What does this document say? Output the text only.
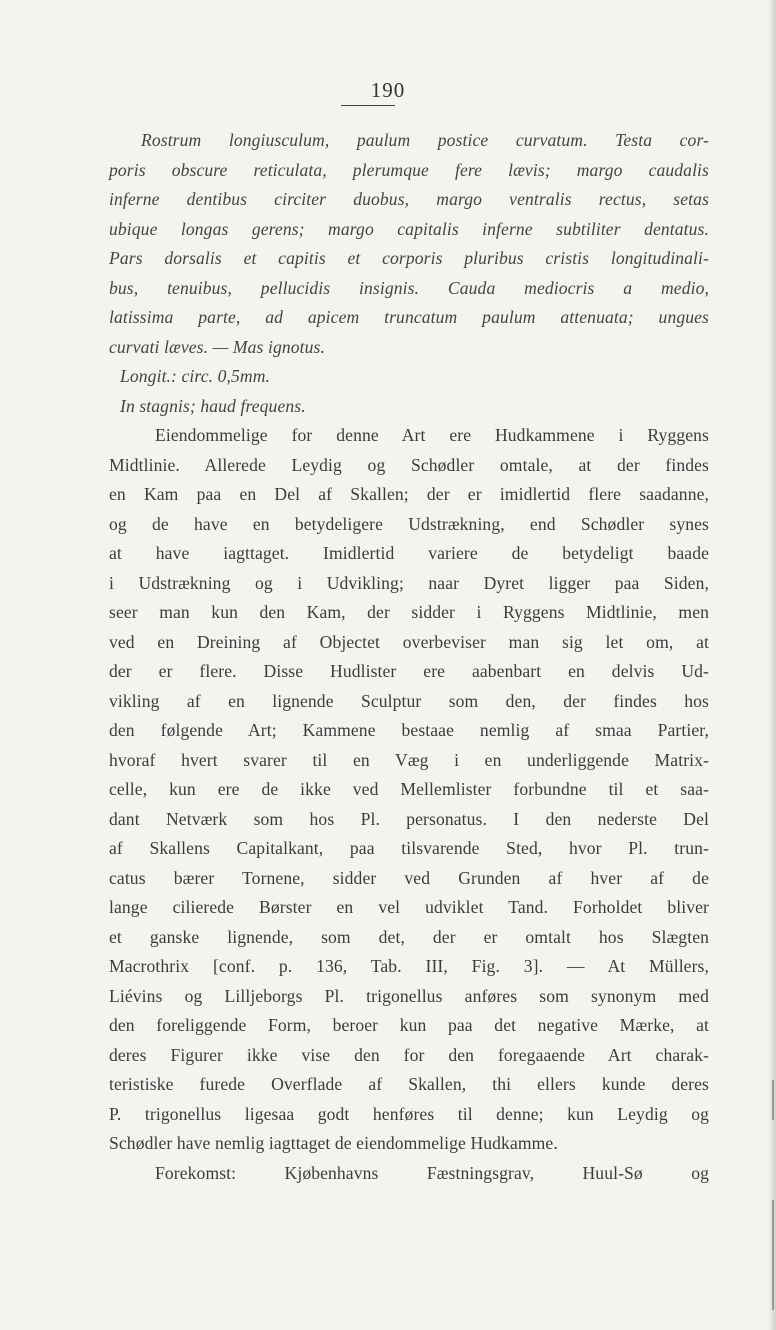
190
Rostrum longiusculum, paulum postice curvatum. Testa cor-
poris obscure reticulata, plerumque fere lævis; margo caudalis
inferne dentibus circiter duobus, margo ventralis rectus, setas
ubique longas gerens; margo capitalis inferne subtiliter dentatus.
Pars dorsalis et capitis et corporis pluribus cristis longitudinali-
bus, tenuibus, pellucidis insignis. Cauda mediocris a medio,
latissima parte, ad apicem truncatum paulum attenuata; ungues
curvati læves. — Mas ignotus.
Longit.: circ. 0,5mm.
In stagnis; haud frequens.
Eiendommelige for denne Art ere Hudkammene i Ryggens
Midtlinie. Allerede Leydig og Schødler omtale, at der findes
en Kam paa en Del af Skallen; der er imidlertid flere saadanne,
og de have en betydeligere Udstrækning, end Schødler synes
at have iagttaget. Imidlertid variere de betydeligt baade
i Udstrækning og i Udvikling; naar Dyret ligger paa Siden,
seer man kun den Kam, der sidder i Ryggens Midtlinie, men
ved en Dreining af Objectet overbeviser man sig let om, at
der er flere. Disse Hudlister ere aabenbart en delvis Ud-
vikling af en lignende Sculptur som den, der findes hos
den følgende Art; Kammene bestaae nemlig af smaa Partier,
hvoraf hvert svarer til en Væg i en underliggende Matrix-
celle, kun ere de ikke ved Mellemlister forbundne til et saa-
dant Netværk som hos Pl. personatus. I den nederste Del
af Skallens Capitalkant, paa tilsvarende Sted, hvor Pl. trun-
catus bærer Tornene, sidder ved Grunden af hver af de
lange cilierede Børster en vel udviklet Tand. Forholdet bliver
et ganske lignende, som det, der er omtalt hos Slægten
Macrothrix [conf. p. 136, Tab. III, Fig. 3]. — At Müllers,
Liévins og Lilljeborgs Pl. trigonellus anføres som synonym med
den foreliggende Form, beroer kun paa det negative Mærke, at
deres Figurer ikke vise den for den foregaaende Art charak-
teristiske furede Overflade af Skallen, thi ellers kunde deres
P. trigonellus ligesaa godt henføres til denne; kun Leydig og
Schødler have nemlig iagttaget de eiendommelige Hudkamme.
Forekomst: Kjøbenhavns Fæstningsgrav, Huul-Sø og
